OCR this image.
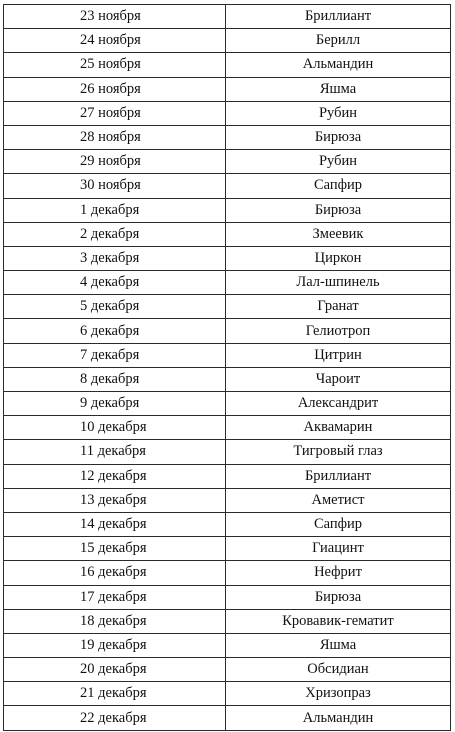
23 ноября	Бриллиант
24 ноября	Берилл
25 ноября	Альмандин
26 ноября	Яшма
27 ноября	Рубин
28 ноября	Бирюза
29 ноября	Рубин
30 ноября	Сапфир
1 декабря	Бирюза
2 декабря	Змеевик
3 декабря	Циркон
4 декабря	Лал-шпинель
5 декабря	Гранат
6 декабря	Гелиотроп
7 декабря	Цитрин
8 декабря	Чароит
9 декабря	Александрит
10 декабря	Аквамарин
11 декабря	Тигровый глаз
12 декабря	Бриллиант
13 декабря	Аметист
14 декабря	Сапфир
15 декабря	Гиацинт
16 декабря	Нефрит
17 декабря	Бирюза
18 декабря	Кровавик-гематит
19 декабря	Яшма
20 декабря	Обсидиан
21 декабря	Хризопраз
22 декабря	Альмандин
